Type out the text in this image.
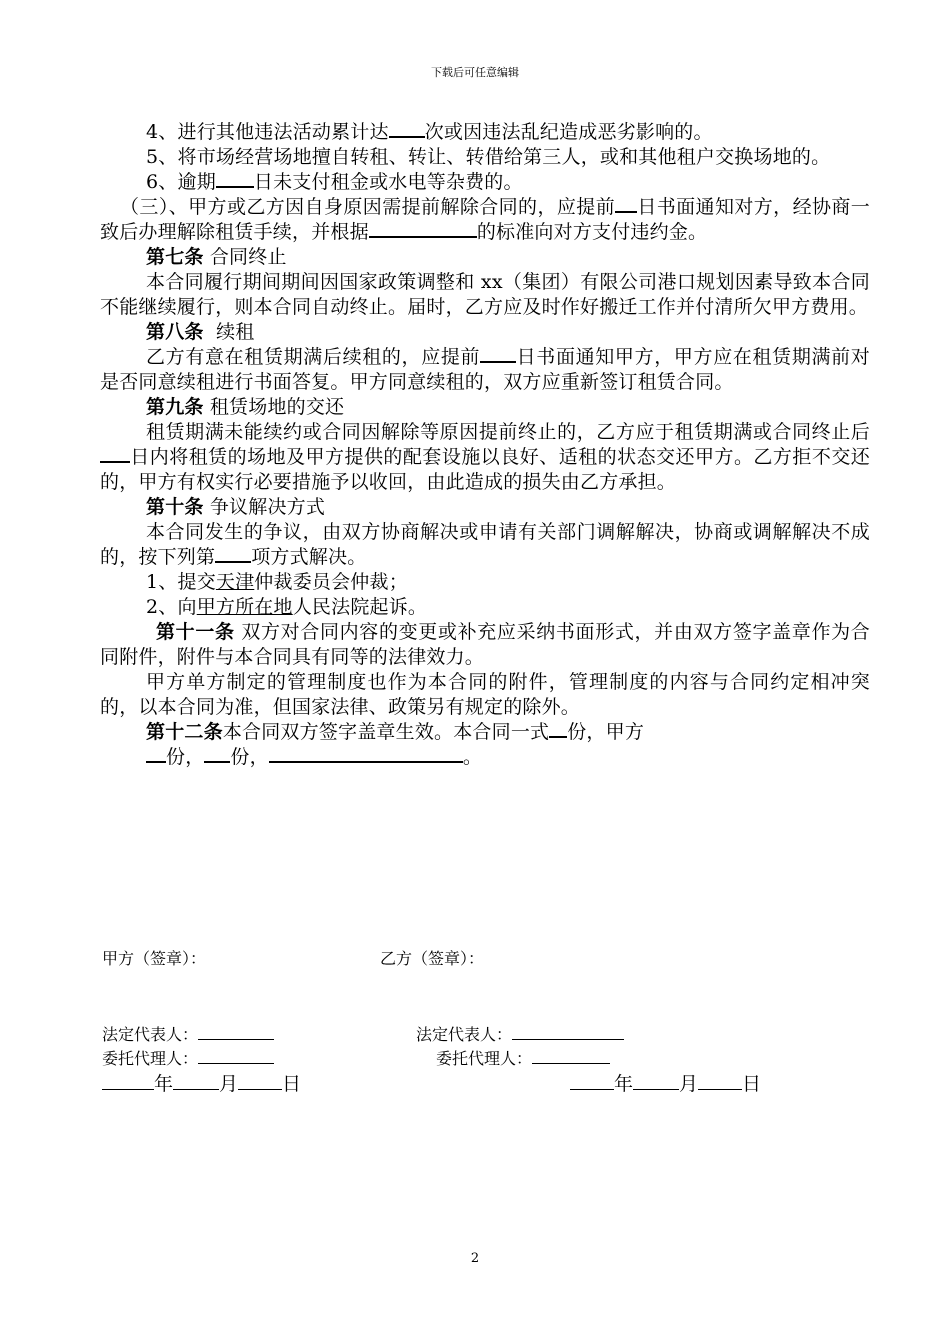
下载后可任意编辑

4、进行其他违法活动累计达 次或因违法乱纪造成恶劣影响的。

5、将市场经营场地擅自转租、转让、转借给第三人，或和其他租户交换场地的。

6、逾期 日未支付租金或水电等杂费的。

（三）、甲方或乙方因自身原因需提前解除合同的，应提前 日书面通知对方，经协商一致后办理解除租赁手续，并根据	的标准向对方支付违约金。

第七条 合同终止

本合同履行期间期间因国家政策调整和 xx（集团）有限公司港口规划因素导致本合同不能继续履行，则本合同自动终止。届时，乙方应及时作好搬迁工作并付清所欠甲方费用。

第八条  续租

乙方有意在租赁期满后续租的，应提前 日书面通知甲方，甲方应在租赁期满前对是否同意续租进行书面答复。甲方同意续租的，双方应重新签订租赁合同。

第九条 租赁场地的交还

租赁期满未能续约或合同因解除等原因提前终止的，乙方应于租赁期满或合同终止后日内将租赁的场地及甲方提供的配套设施以良好、适租的状态交还甲方。乙方拒不交还的，甲方有权实行必要措施予以收回，由此造成的损失由乙方承担。

第十条 争议解决方式

本合同发生的争议，由双方协商解决或申请有关部门调解解决，协商或调解解决不成的，按下列第 项方式解决。

1、提交天津仲裁委员会仲裁；

2、向甲方所在地人民法院起诉。

第十一条 双方对合同内容的变更或补充应采纳书面形式，并由双方签字盖章作为合同附件，附件与本合同具有同等的法律效力。

甲方单方制定的管理制度也作为本合同的附件，管理制度的内容与合同约定相冲突的，以本合同为准，但国家法律、政策另有规定的除外。

第十二条本合同双方签字盖章生效。本合同一式 份，甲方

份， 份，	。

甲方（签章）：	乙方（签章）：
法定代表人：	法定代表人：
委托代理人：	委托代理人：
年 月 日	年 月 日
2
